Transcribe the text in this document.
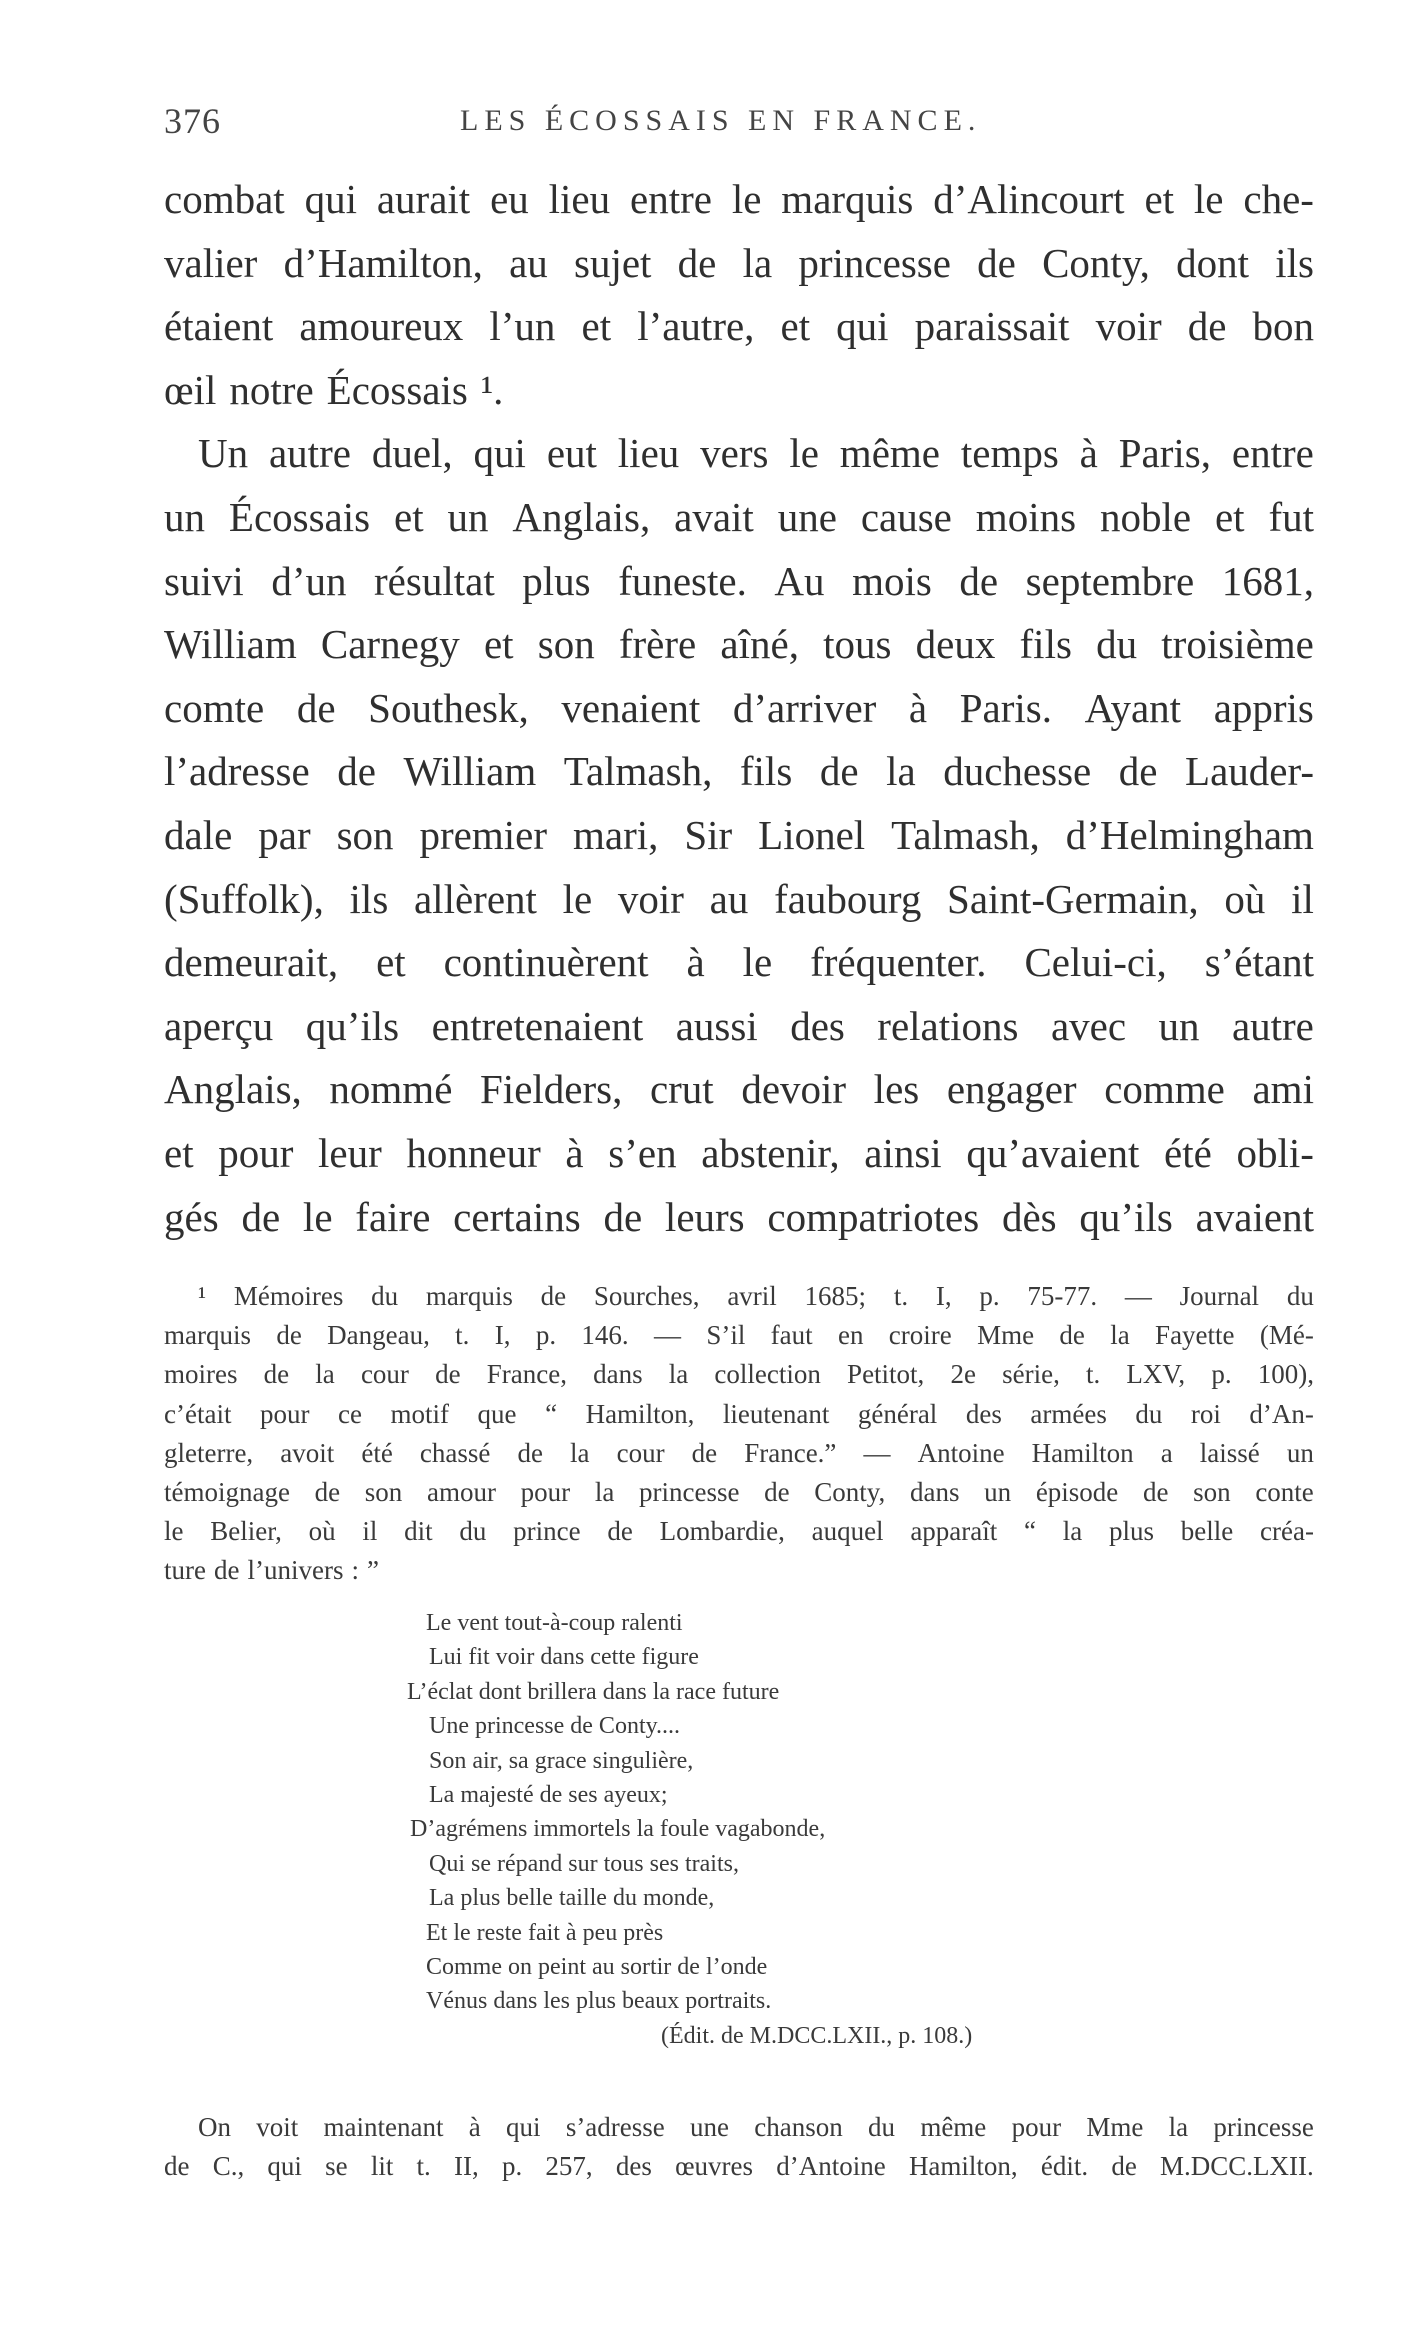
376	LES ÉCOSSAIS EN FRANCE.
combat qui aurait eu lieu entre le marquis d’Alincourt et le che-
valier d’Hamilton, au sujet de la princesse de Conty, dont ils
étaient amoureux l’un et l’autre, et qui paraissait voir de bon
œil notre Écossais ¹.
Un autre duel, qui eut lieu vers le même temps à Paris, entre
un Écossais et un Anglais, avait une cause moins noble et fut
suivi d’un résultat plus funeste. Au mois de septembre 1681,
William Carnegy et son frère aîné, tous deux fils du troisième
comte de Southesk, venaient d’arriver à Paris. Ayant appris
l’adresse de William Talmash, fils de la duchesse de Lauder-
dale par son premier mari, Sir Lionel Talmash, d’Helmingham
(Suffolk), ils allèrent le voir au faubourg Saint-Germain, où il
demeurait, et continuèrent à le fréquenter. Celui-ci, s’étant
aperçu qu’ils entretenaient aussi des relations avec un autre
Anglais, nommé Fielders, crut devoir les engager comme ami
et pour leur honneur à s’en abstenir, ainsi qu’avaient été obli-
gés de le faire certains de leurs compatriotes dès qu’ils avaient
¹ Mémoires du marquis de Sourches, avril 1685; t. I, p. 75-77. — Journal du
marquis de Dangeau, t. I, p. 146. — S’il faut en croire Mme de la Fayette (Mé-
moires de la cour de France, dans la collection Petitot, 2e série, t. LXV, p. 100),
c’était pour ce motif que “ Hamilton, lieutenant général des armées du roi d’An-
gleterre, avoit été chassé de la cour de France.” — Antoine Hamilton a laissé un
témoignage de son amour pour la princesse de Conty, dans un épisode de son conte
le Belier, où il dit du prince de Lombardie, auquel apparaît “ la plus belle créa-
ture de l’univers : ”
Le vent tout-à-coup ralenti
Lui fit voir dans cette figure
L’éclat dont brillera dans la race future
Une princesse de Conty....
Son air, sa grace singulière,
La majesté de ses ayeux;
D’agrémens immortels la foule vagabonde,
Qui se répand sur tous ses traits,
La plus belle taille du monde,
Et le reste fait à peu près
Comme on peint au sortir de l’onde
Vénus dans les plus beaux portraits.
(Édit. de M.DCC.LXII., p. 108.)
On voit maintenant à qui s’adresse une chanson du même pour Mme la princesse
de C., qui se lit t. II, p. 257, des œuvres d’Antoine Hamilton, édit. de M.DCC.LXII.
